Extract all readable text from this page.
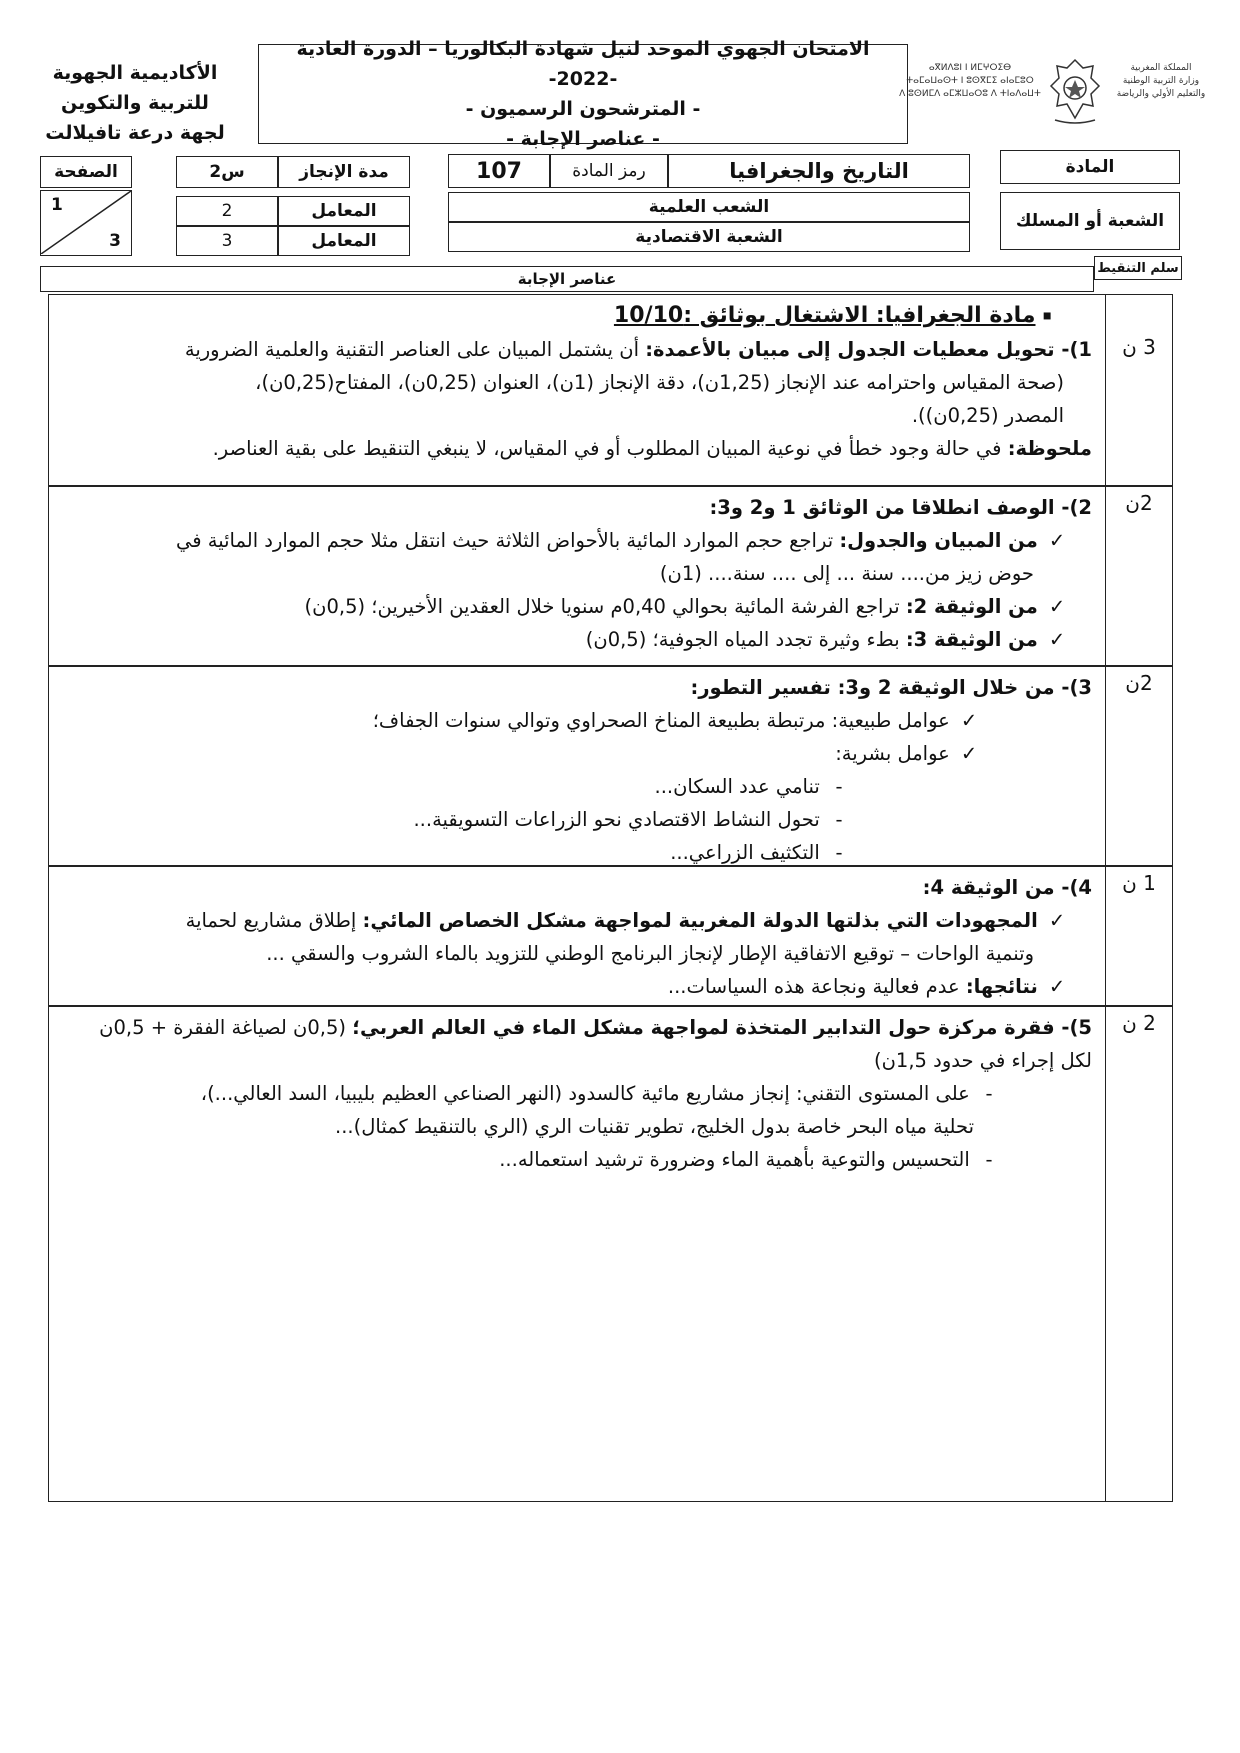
الأكاديمية الجهوية للتربية والتكوين
لجهة درعة تافيلالت
الامتحان الجهوي الموحد لنيل شهادة البكالوريا – الدورة العادية -2022-
- المترشحون الرسميون -
- عناصر الإجابة -
ⴰⴳⵍⴷⵓⵏ ⵏ ⵍⵎⵖⵔⵉⴱ
ⵜⴰⵎⴰⵡⴰⵙⵜ ⵏ ⵓⵙⴳⵎⵉ ⴰⵏⴰⵎⵓⵔ
ⴷ ⵓⵙⵍⵎⴷ ⴰⵎⵣⵡⴰⵔⵓ ⴷ ⵜⵏⴰⴷⴰⵡⵜ
المملكة المغربية
وزارة التربية الوطنية
والتعليم الأولي والرياضة
الصفحة
1
3
2س	مدة الإنجاز
2	المعامل
3	المعامل
107	رمز المادة	التاريخ والجغرافيا	المادة
الشعب العلمية
الشعبة الاقتصادية
الشعبة أو المسلك
عناصر الإجابة
سلم التنقيط
3 ن
▪ مادة الجغرافيا: الاشتغال بوثائق :10/10
1)- تحويل معطيات الجدول إلى مبيان بالأعمدة: أن يشتمل المبيان على العناصر التقنية والعلمية الضرورية
(صحة المقياس واحترامه عند الإنجاز (1,25ن)، دقة الإنجاز (1ن)، العنوان (0,25ن)، المفتاح(0,25ن)،
المصدر (0,25ن)).
ملحوظة: في حالة وجود خطأ في نوعية المبيان المطلوب أو في المقياس، لا ينبغي التنقيط على بقية العناصر.
2ن
2)- الوصف انطلاقا من الوثائق 1 و2 و3:
✓ من المبيان والجدول: تراجع حجم الموارد المائية بالأحواض الثلاثة حيث انتقل مثلا حجم الموارد المائية في
حوض زيز من.... سنة ... إلى .... سنة.... (1ن)
✓ من الوثيقة 2: تراجع الفرشة المائية بحوالي 0,40م سنويا خلال العقدين الأخيرين؛ (0,5ن)
✓ من الوثيقة 3: بطء وثيرة تجدد المياه الجوفية؛ (0,5ن)
2ن
3)- من خلال الوثيقة 2 و3: تفسير التطور:
✓ عوامل طبيعية: مرتبطة بطبيعة المناخ الصحراوي وتوالي سنوات الجفاف؛
✓ عوامل بشرية:
- تنامي عدد السكان...
- تحول النشاط الاقتصادي نحو الزراعات التسويقية...
- التكثيف الزراعي...
1 ن
4)- من الوثيقة 4:
✓ المجهودات التي بذلتها الدولة المغربية لمواجهة مشكل الخصاص المائي: إطلاق مشاريع لحماية
وتنمية الواحات – توقيع الاتفاقية الإطار لإنجاز البرنامج الوطني للتزويد بالماء الشروب والسقي ...
✓ نتائجها: عدم فعالية ونجاعة هذه السياسات...
2 ن
5)- فقرة مركزة حول التدابير المتخذة لمواجهة مشكل الماء في العالم العربي؛ (0,5ن لصياغة الفقرة + 0,5ن
لكل إجراء في حدود 1,5ن)
- على المستوى التقني: إنجاز مشاريع مائية كالسدود (النهر الصناعي العظيم بليبيا، السد العالي...)،
تحلية مياه البحر خاصة بدول الخليج، تطوير تقنيات الري (الري بالتنقيط كمثال)...
- التحسيس والتوعية بأهمية الماء وضرورة ترشيد استعماله...
